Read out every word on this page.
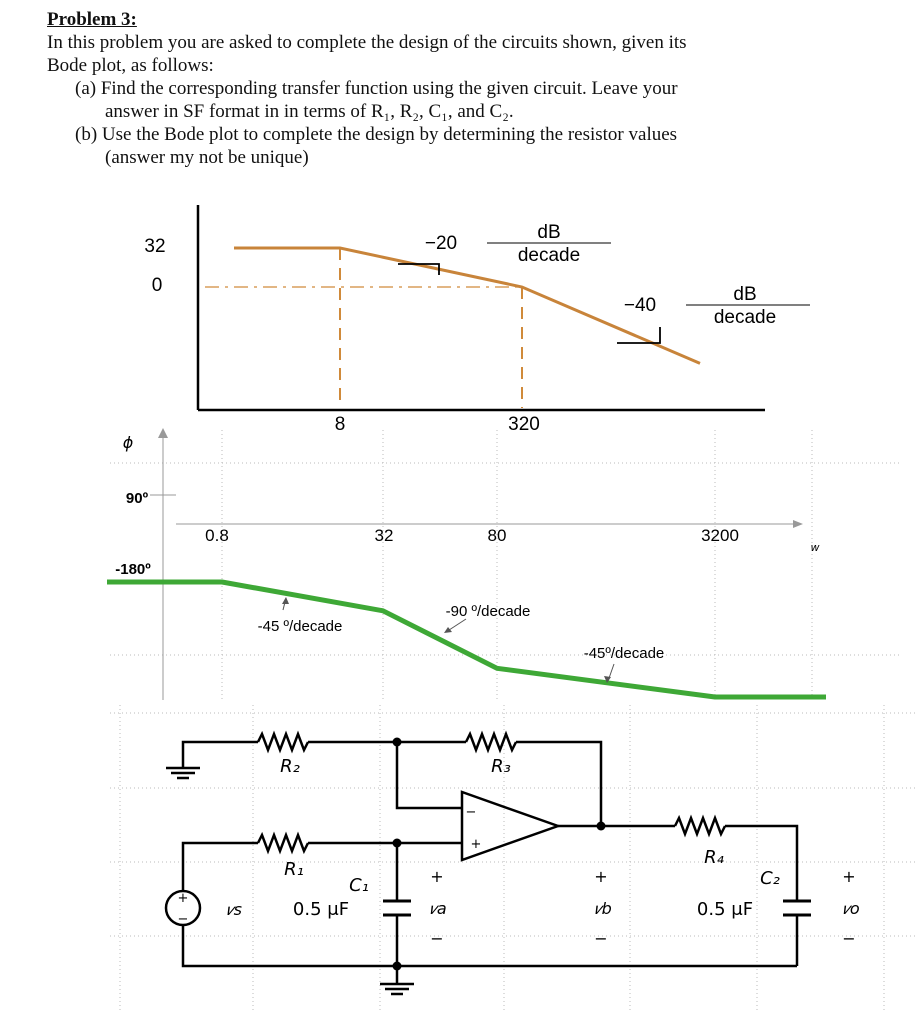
Problem 3:
In this problem you are asked to complete the design of the circuits shown, given its
Bode plot, as follows:
(a) Find the corresponding transfer function using the given circuit. Leave your
answer in SF format in in terms of R₁, R₂, C₁, and C₂.
(b) Use the Bode plot to complete the design by determining the resistor values
(answer my not be unique)
32
0
−20
dB
decade
−40
dB
decade
8	320
ϕ
90º
-180º
w
0.8	32	80	3200
-45 º/decade
-90 º/decade
-45º/decade
+
−
−
+
R₂	R₃
R₁
R₄
C₁	C₂
0.5 μF	0.5 μF
𝑣s
+
𝑣a
−
+
𝑣b
−
+
𝑣o
−
